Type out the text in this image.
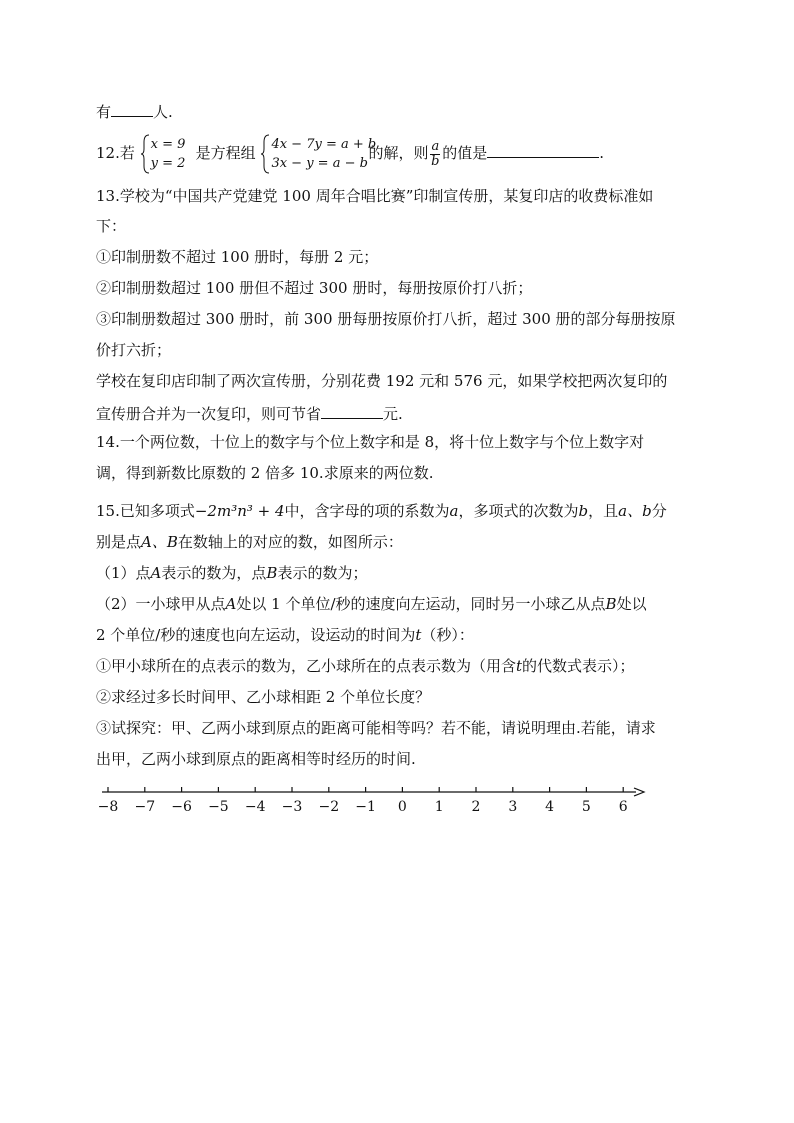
有	人.
12.若 x = 9
y = 2
是方程组 4x − 7y = a + b
3x − y = a − b
的解，则 $\frac{a}{b}$ 的值是	.
13.学校为“中国共产党建党 100 周年合唱比赛”印制宣传册，某复印店的收费标准如
下：
①印制册数不超过 100 册时，每册 2 元；
②印制册数超过 100 册但不超过 300 册时，每册按原价打八折；
③印制册数超过 300 册时，前 300 册每册按原价打八折，超过 300 册的部分每册按原
价打六折；
学校在复印店印制了两次宣传册，分别花费 192 元和 576 元，如果学校把两次复印的
宣传册合并为一次复印，则可节省	元.
14.一个两位数，十位上的数字与个位上数字和是 8，将十位上数字与个位上数字对
调，得到新数比原数的 2 倍多 10.求原来的两位数.
15.已知多项式−2m³n³ + 4中，含字母的项的系数为a，多项式的次数为b，且a、b分
别是点A、B在数轴上的对应的数，如图所示：
（1）点A表示的数为，点B表示的数为；
（2）一小球甲从点A处以 1 个单位/秒的速度向左运动，同时另一小球乙从点B处以
2 个单位/秒的速度也向左运动，设运动的时间为t（秒）：
①甲小球所在的点表示的数为，乙小球所在的点表示数为（用含t的代数式表示）；
②求经过多长时间甲、乙小球相距 2 个单位长度？
③试探究：甲、乙两小球到原点的距离可能相等吗？若不能，请说明理由.若能，请求
出甲，乙两小球到原点的距离相等时经历的时间.
−8 −7 −6 −5 −4 −3 −2 −1	0	1	2	3	4	5	6
